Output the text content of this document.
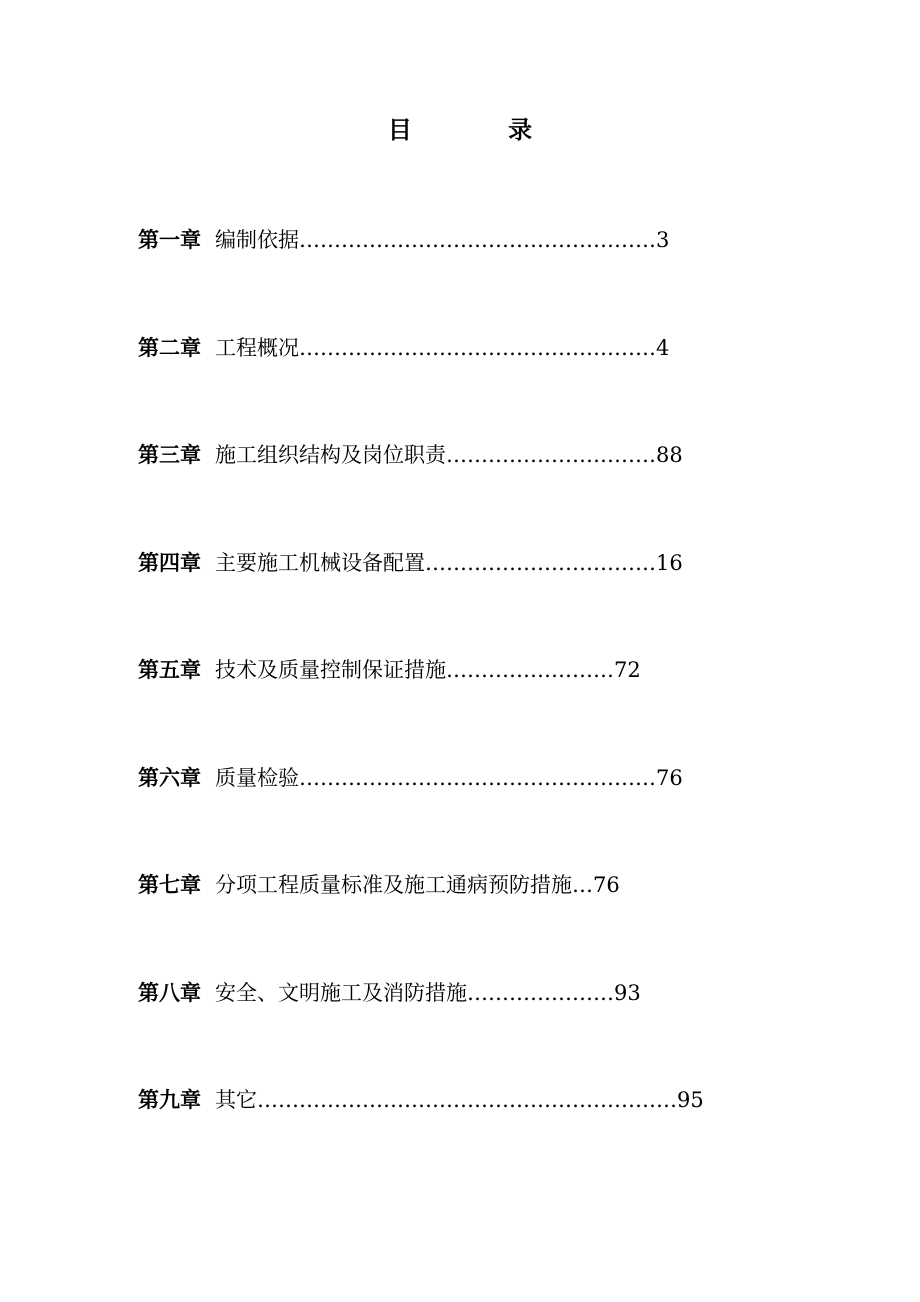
目 录
第一章 编制依据……………………………………………3
第二章 工程概况……………………………………………4
第三章 施工组织结构及岗位职责…………………………88
第四章 主要施工机械设备配置……………………………16
第五章 技术及质量控制保证措施……………………72
第六章 质量检验……………………………………………76
第七章 分项工程质量标准及施工通病预防措施…76
第八章 安全、文明施工及消防措施…………………93
第九章 其它……………………………………………………95
